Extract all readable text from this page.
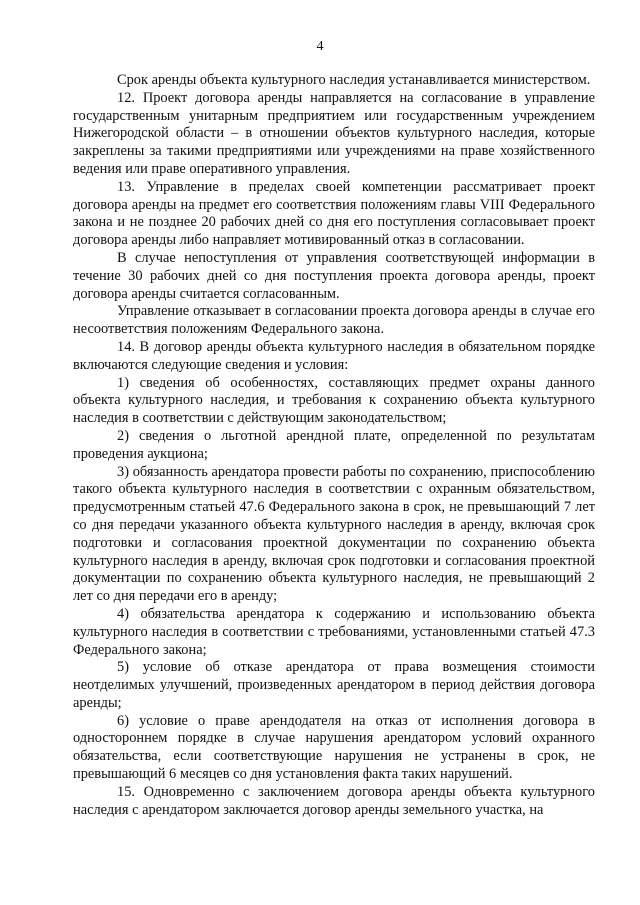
4

Срок аренды объекта культурного наследия устанавливается министерством.

12. Проект договора аренды направляется на согласование в управление государственным унитарным предприятием или государственным учреждением Нижегородской области – в отношении объектов культурного наследия, которые закреплены за такими предприятиями или учреждениями на праве хозяйственного ведения или праве оперативного управления.

13. Управление в пределах своей компетенции рассматривает проект договора аренды на предмет его соответствия положениям главы VIII Федерального закона и не позднее 20 рабочих дней со дня его поступления согласовывает проект договора аренды либо направляет мотивированный отказ в согласовании.

В случае непоступления от управления соответствующей информации в течение 30 рабочих дней со дня поступления проекта договора аренды, проект договора аренды считается согласованным.

Управление отказывает в согласовании проекта договора аренды в случае его несоответствия положениям Федерального закона.

14. В договор аренды объекта культурного наследия в обязательном порядке включаются следующие сведения и условия:

1) сведения об особенностях, составляющих предмет охраны данного объекта культурного наследия, и требования к сохранению объекта культурного наследия в соответствии с действующим законодательством;

2) сведения о льготной арендной плате, определенной по результатам проведения аукциона;

3) обязанность арендатора провести работы по сохранению, приспособлению такого объекта культурного наследия в соответствии с охранным обязательством, предусмотренным статьей 47.6 Федерального закона в срок, не превышающий 7 лет со дня передачи указанного объекта культурного наследия в аренду, включая срок подготовки и согласования проектной документации по сохранению объекта культурного наследия в аренду, включая срок подготовки и согласования проектной документации по сохранению объекта культурного наследия, не превышающий 2 лет со дня передачи его в аренду;

4) обязательства арендатора к содержанию и использованию объекта культурного наследия в соответствии с требованиями, установленными статьей 47.3 Федерального закона;

5) условие об отказе арендатора от права возмещения стоимости неотделимых улучшений, произведенных арендатором в период действия договора аренды;

6) условие о праве арендодателя на отказ от исполнения договора в одностороннем порядке в случае нарушения арендатором условий охранного обязательства, если соответствующие нарушения не устранены в срок, не превышающий 6 месяцев со дня установления факта таких нарушений.

15. Одновременно с заключением договора аренды объекта культурного наследия с арендатором заключается договор аренды земельного участка, на
